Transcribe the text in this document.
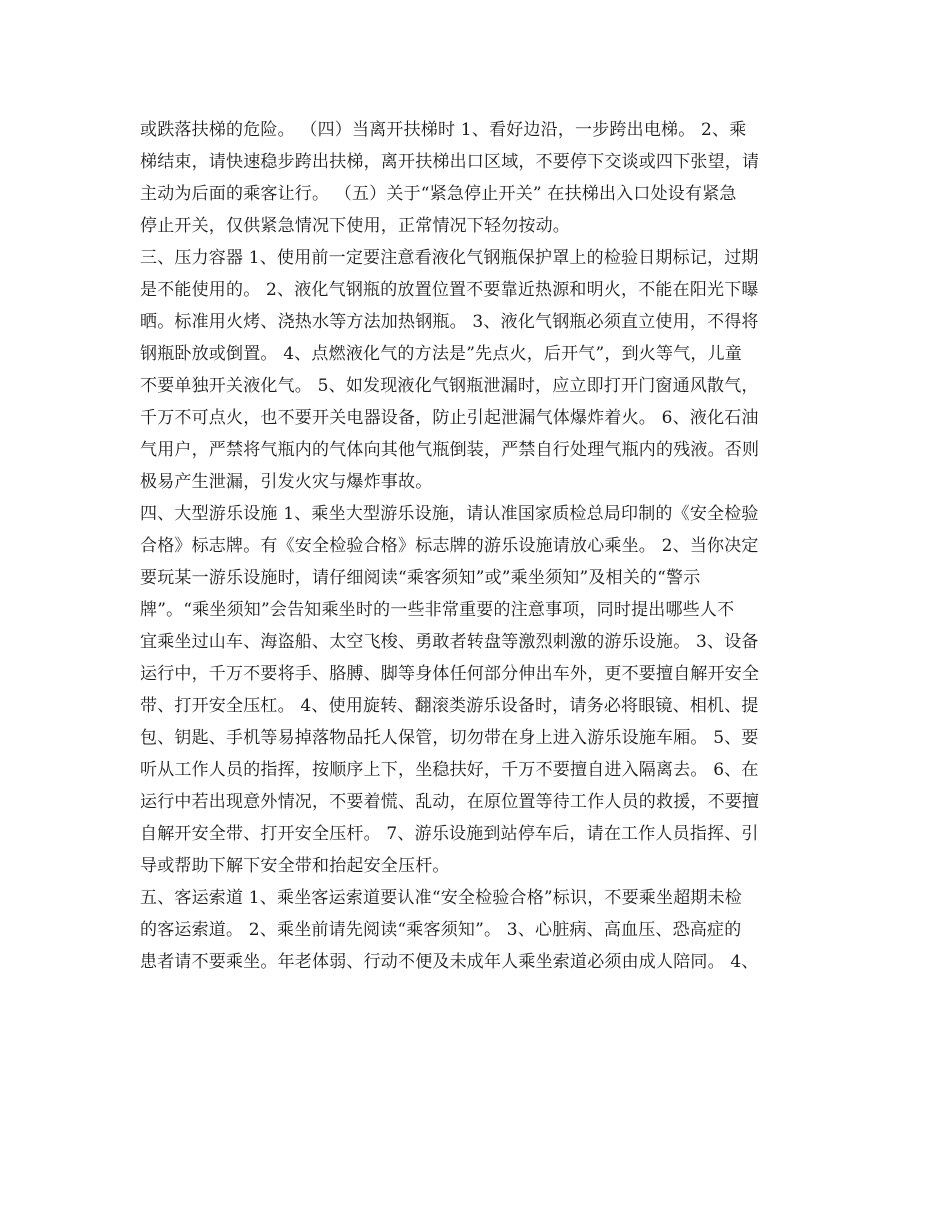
或跌落扶梯的危险。 （四）当离开扶梯时 1、看好边沿，一步跨出电梯。 2、乘
梯结束，请快速稳步跨出扶梯，离开扶梯出口区域，不要停下交谈或四下张望，请
主动为后面的乘客让行。 （五）关于“紧急停止开关” 在扶梯出入口处设有紧急
停止开关，仅供紧急情况下使用，正常情况下轻勿按动。
三、压力容器 1、使用前一定要注意看液化气钢瓶保护罩上的检验日期标记，过期
是不能使用的。 2、液化气钢瓶的放置位置不要靠近热源和明火，不能在阳光下曝
晒。标准用火烤、浇热水等方法加热钢瓶。 3、液化气钢瓶必须直立使用，不得将
钢瓶卧放或倒置。 4、点燃液化气的方法是”先点火，后开气”，到火等气，儿童
不要单独开关液化气。 5、如发现液化气钢瓶泄漏时，应立即打开门窗通风散气，
千万不可点火，也不要开关电器设备，防止引起泄漏气体爆炸着火。 6、液化石油
气用户，严禁将气瓶内的气体向其他气瓶倒装，严禁自行处理气瓶内的残液。否则
极易产生泄漏，引发火灾与爆炸事故。
四、大型游乐设施 1、乘坐大型游乐设施，请认准国家质检总局印制的《安全检验
合格》标志牌。有《安全检验合格》标志牌的游乐设施请放心乘坐。 2、当你决定
要玩某一游乐设施时，请仔细阅读“乘客须知”或”乘坐须知”及相关的“警示
牌”。“乘坐须知”会告知乘坐时的一些非常重要的注意事项，同时提出哪些人不
宜乘坐过山车、海盗船、太空飞梭、勇敢者转盘等激烈刺激的游乐设施。 3、设备
运行中，千万不要将手、胳膊、脚等身体任何部分伸出车外，更不要擅自解开安全
带、打开安全压杠。 4、使用旋转、翻滚类游乐设备时，请务必将眼镜、相机、提
包、钥匙、手机等易掉落物品托人保管，切勿带在身上进入游乐设施车厢。 5、要
听从工作人员的指挥，按顺序上下，坐稳扶好，千万不要擅自进入隔离去。 6、在
运行中若出现意外情况，不要着慌、乱动，在原位置等待工作人员的救援，不要擅
自解开安全带、打开安全压杆。 7、游乐设施到站停车后，请在工作人员指挥、引
导或帮助下解下安全带和抬起安全压杆。
五、客运索道 1、乘坐客运索道要认准“安全检验合格”标识，不要乘坐超期未检
的客运索道。 2、乘坐前请先阅读“乘客须知”。 3、心脏病、高血压、恐高症的
患者请不要乘坐。年老体弱、行动不便及未成年人乘坐索道必须由成人陪同。 4、
